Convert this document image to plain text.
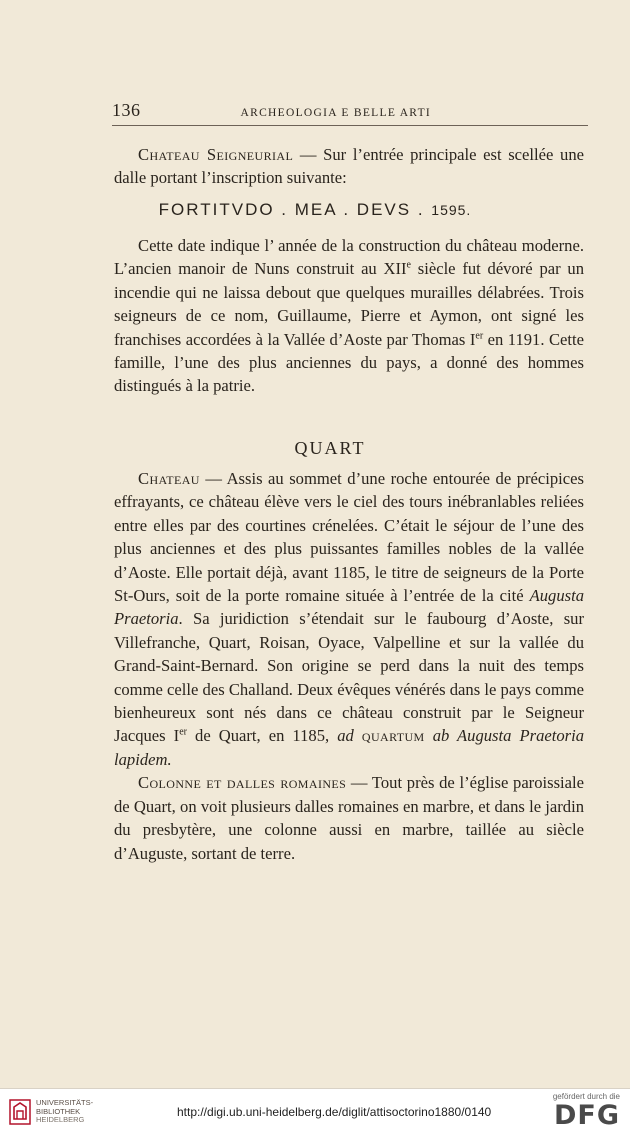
136	ARCHEOLOGIA E BELLE ARTI

Chateau Seigneurial — Sur l’entrée principale est scellée une dalle portant l’inscription suivante:

FORTITVDO . MEA . DEVS . 1595.

Cette date indique l’ année de la construction du château moderne. L’ancien manoir de Nuns construit au XIIe siècle fut dévoré par un incendie qui ne laissa debout que quelques murailles délabrées. Trois seigneurs de ce nom, Guillaume, Pierre et Aymon, ont signé les franchises accordées à la Vallée d’Aoste par Thomas Ier en 1191. Cette famille, l’une des plus anciennes du pays, a donné des hommes distingués à la patrie.

QUART

Chateau — Assis au sommet d’une roche entourée de précipices effrayants, ce château élève vers le ciel des tours inébranlables reliées entre elles par des courtines crénelées. C’était le séjour de l’une des plus anciennes et des plus puissantes familles nobles de la vallée d’Aoste. Elle portait déjà, avant 1185, le titre de seigneurs de la Porte St-Ours, soit de la porte romaine située à l’entrée de la cité Augusta Praetoria. Sa juridiction s’étendait sur le faubourg d’Aoste, sur Villefranche, Quart, Roisan, Oyace, Valpelline et sur la vallée du Grand-Saint-Bernard. Son origine se perd dans la nuit des temps comme celle des Challand. Deux évêques vénérés dans le pays comme bienheureux sont nés dans ce château construit par le Seigneur Jacques Ier de Quart, en 1185, ad quartum ab Augusta Praetoria lapidem.

Colonne et dalles romaines — Tout près de l’église paroissiale de Quart, on voit plusieurs dalles romaines en marbre, et dans le jardin du presbytère, une colonne aussi en marbre, taillée au siècle d’Auguste, sortant de terre.

UNIVERSITÄTS-
BIBLIOTHEK
HEIDELBERG
http://digi.ub.uni-heidelberg.de/diglit/attisoctorino1880/0140
gefördert durch die
DFG
